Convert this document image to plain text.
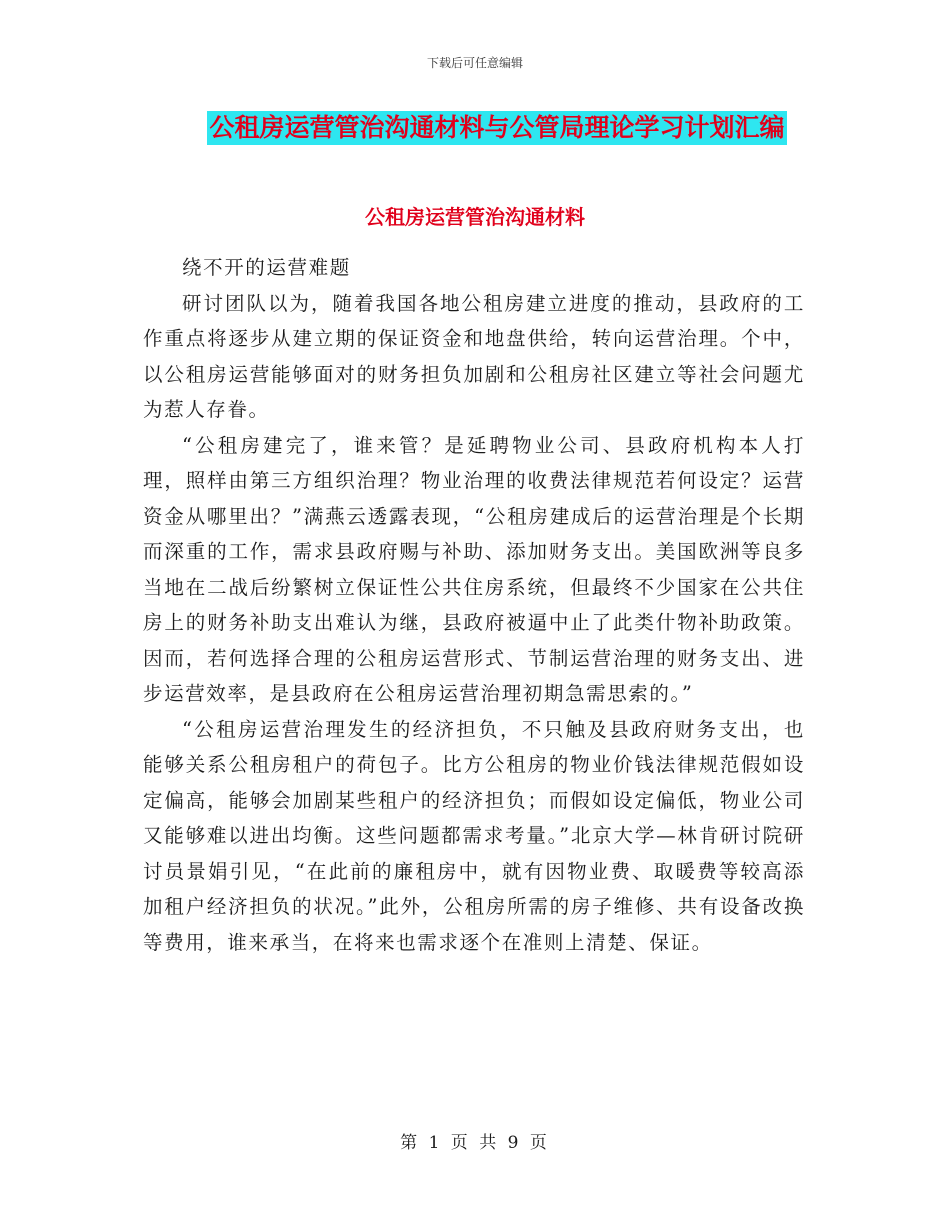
下载后可任意编辑
公租房运营管治沟通材料与公管局理论学习计划汇编
公租房运营管治沟通材料

绕不开的运营难题

研讨团队以为，随着我国各地公租房建立进度的推动，县政府的工作重点将逐步从建立期的保证资金和地盘供给，转向运营治理。个中，以公租房运营能够面对的财务担负加剧和公租房社区建立等社会问题尤为惹人存眷。

“公租房建完了，谁来管？是延聘物业公司、县政府机构本人打理，照样由第三方组织治理？物业治理的收费法律规范若何设定？运营资金从哪里出？”满燕云透露表现，“公租房建成后的运营治理是个长期而深重的工作，需求县政府赐与补助、添加财务支出。美国欧洲等良多当地在二战后纷繁树立保证性公共住房系统，但最终不少国家在公共住房上的财务补助支出难认为继，县政府被逼中止了此类什物补助政策。因而，若何选择合理的公租房运营形式、节制运营治理的财务支出、进步运营效率，是县政府在公租房运营治理初期急需思索的。”

“公租房运营治理发生的经济担负，不只触及县政府财务支出，也能够关系公租房租户的荷包子。比方公租房的物业价钱法律规范假如设定偏高，能够会加剧某些租户的经济担负；而假如设定偏低，物业公司又能够难以进出均衡。这些问题都需求考量。”北京大学—林肯研讨院研讨员景娟引见，“在此前的廉租房中，就有因物业费、取暖费等较高添加租户经济担负的状况。”此外，公租房所需的房子维修、共有设备改换等费用，谁来承当，在将来也需求逐个在准则上清楚、保证。

第 1 页 共 9 页
